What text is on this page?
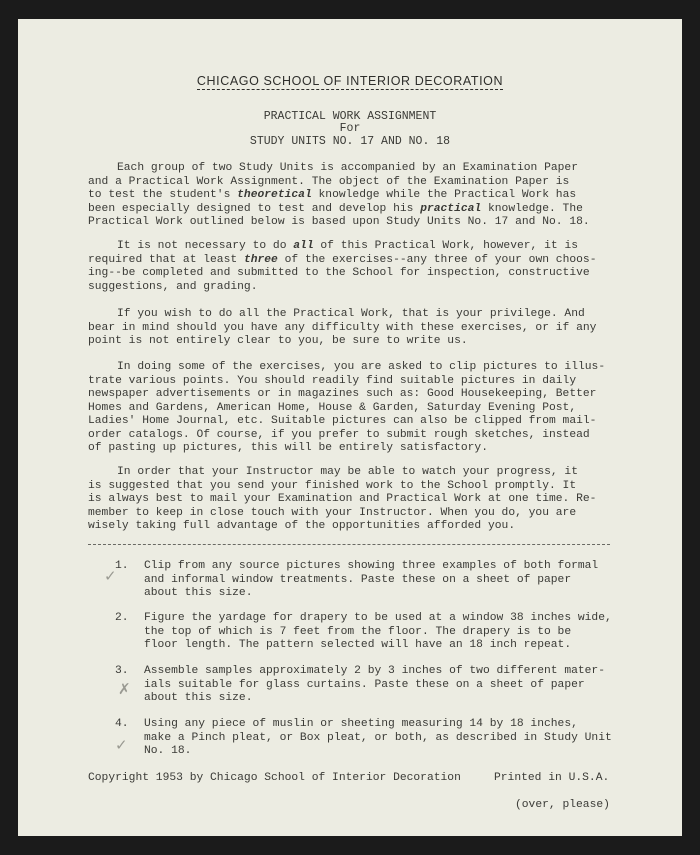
CHICAGO SCHOOL OF INTERIOR DECORATION
PRACTICAL WORK ASSIGNMENT
For
STUDY UNITS NO. 17 AND NO. 18
Each group of two Study Units is accompanied by an Examination Paper
and a Practical Work Assignment. The object of the Examination Paper is
to test the student's theoretical knowledge while the Practical Work has
been especially designed to test and develop his practical knowledge. The
Practical Work outlined below is based upon Study Units No. 17 and No. 18.
It is not necessary to do all of this Practical Work, however, it is
required that at least three of the exercises--any three of your own choos-
ing--be completed and submitted to the School for inspection, constructive
suggestions, and grading.
If you wish to do all the Practical Work, that is your privilege. And
bear in mind should you have any difficulty with these exercises, or if any
point is not entirely clear to you, be sure to write us.
In doing some of the exercises, you are asked to clip pictures to illus-
trate various points. You should readily find suitable pictures in daily
newspaper advertisements or in magazines such as: Good Housekeeping, Better
Homes and Gardens, American Home, House & Garden, Saturday Evening Post,
Ladies' Home Journal, etc. Suitable pictures can also be clipped from mail-
order catalogs. Of course, if you prefer to submit rough sketches, instead
of pasting up pictures, this will be entirely satisfactory.
In order that your Instructor may be able to watch your progress, it
is suggested that you send your finished work to the School promptly. It
is always best to mail your Examination and Practical Work at one time. Re-
member to keep in close touch with your Instructor. When you do, you are
wisely taking full advantage of the opportunities afforded you.
✓
✗
✓
1. Clip from any source pictures showing three examples of both formal
and informal window treatments. Paste these on a sheet of paper
about this size.
2. Figure the yardage for drapery to be used at a window 38 inches wide,
the top of which is 7 feet from the floor. The drapery is to be
floor length. The pattern selected will have an 18 inch repeat.
3. Assemble samples approximately 2 by 3 inches of two different mater-
ials suitable for glass curtains. Paste these on a sheet of paper
about this size.
4. Using any piece of muslin or sheeting measuring 14 by 18 inches,
make a Pinch pleat, or Box pleat, or both, as described in Study Unit
No. 18.
Copyright 1953 by Chicago School of Interior Decoration	Printed in U.S.A.
(over, please)
